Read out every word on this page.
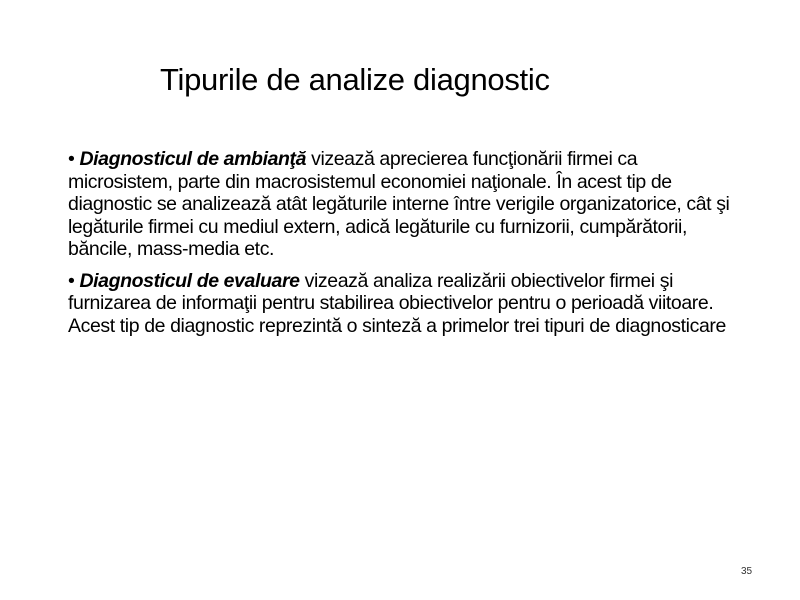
Tipurile de analize diagnostic
• Diagnosticul de ambianţă vizează aprecierea funcţionării firmei ca microsistem, parte din macrosistemul economiei naţionale. În acest tip de diagnostic se analizează atât legăturile interne între verigile organizatorice, cât şi legăturile firmei cu mediul extern, adică legăturile cu furnizorii, cumpărătorii, băncile, mass-media etc.
• Diagnosticul de evaluare vizează analiza realizării obiectivelor firmei şi furnizarea de informaţii pentru stabilirea obiectivelor pentru o perioadă viitoare. Acest tip de diagnostic reprezintă o sinteză a primelor trei tipuri de diagnosticare
35
